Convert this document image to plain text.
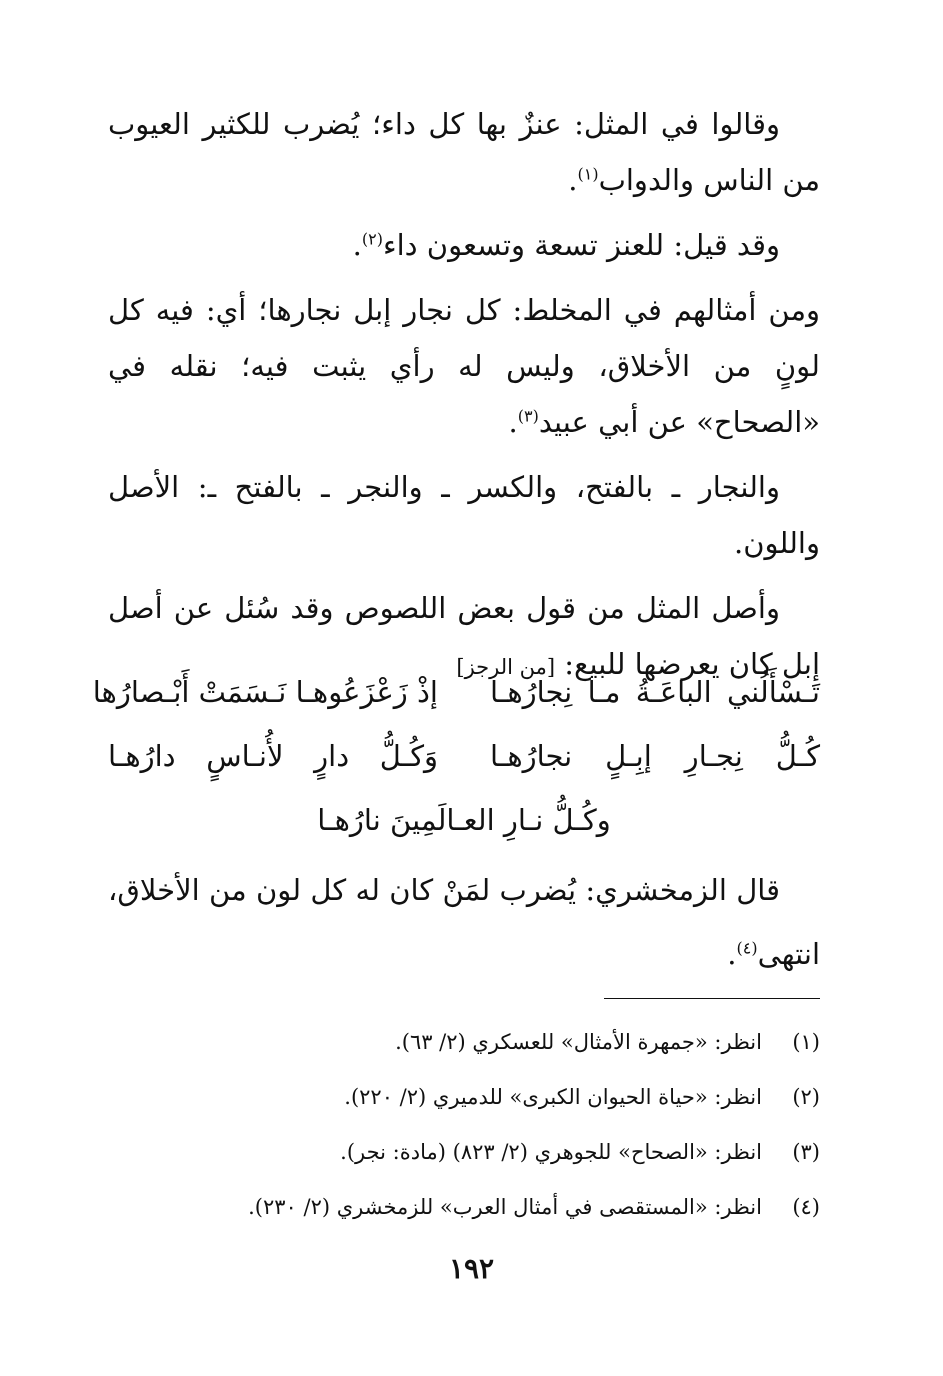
وقالوا في المثل: عنزٌ بها كل داء؛ يُضرب للكثير العيوب من الناس والدواب$^{(١)}$.

وقد قيل: للعنز تسعة وتسعون داء$^{(٢)}$.

ومن أمثالهم في المخلط: كل نجار إبل نجارها؛ أي: فيه كل لونٍ من الأخلاق، وليس له رأي يثبت فيه؛ نقله في «الصحاح» عن أبي عبيد$^{(٣)}$.

والنجار ـ بالفتح، والكسر ـ والنجر ـ بالفتح ـ: الأصل واللون.

وأصل المثل من قول بعض اللصوص وقد سُئل عن أصل إبل كان يعرضها للبيع: [من الرجز]

تَـسْأَلُني الباعَـةُ مـا نِجارُهـا
إذْ زَعْزَعُوهـا نَـسَمَتْ أَبْـصارُها
كُـلُّ نِجـارِ إبِـلٍ نجارُهـا
وَكُـلُّ دارٍ لأُنـاسٍ دارُهـا
وكُـلُّ نـارِ العـالَمِينَ نارُهـا

قال الزمخشري: يُضرب لمَنْ كان له كل لون من الأخلاق، انتهى$^{(٤)}$.

(١)
انظر: «جمهرة الأمثال» للعسكري (٢/ ٦٣).
(٢)
انظر: «حياة الحيوان الكبرى» للدميري (٢/ ٢٢٠).
(٣)
انظر: «الصحاح» للجوهري (٢/ ٨٢٣) (مادة: نجر).
(٤)
انظر: «المستقصى في أمثال العرب» للزمخشري (٢/ ٢٣٠).
١٩٢
